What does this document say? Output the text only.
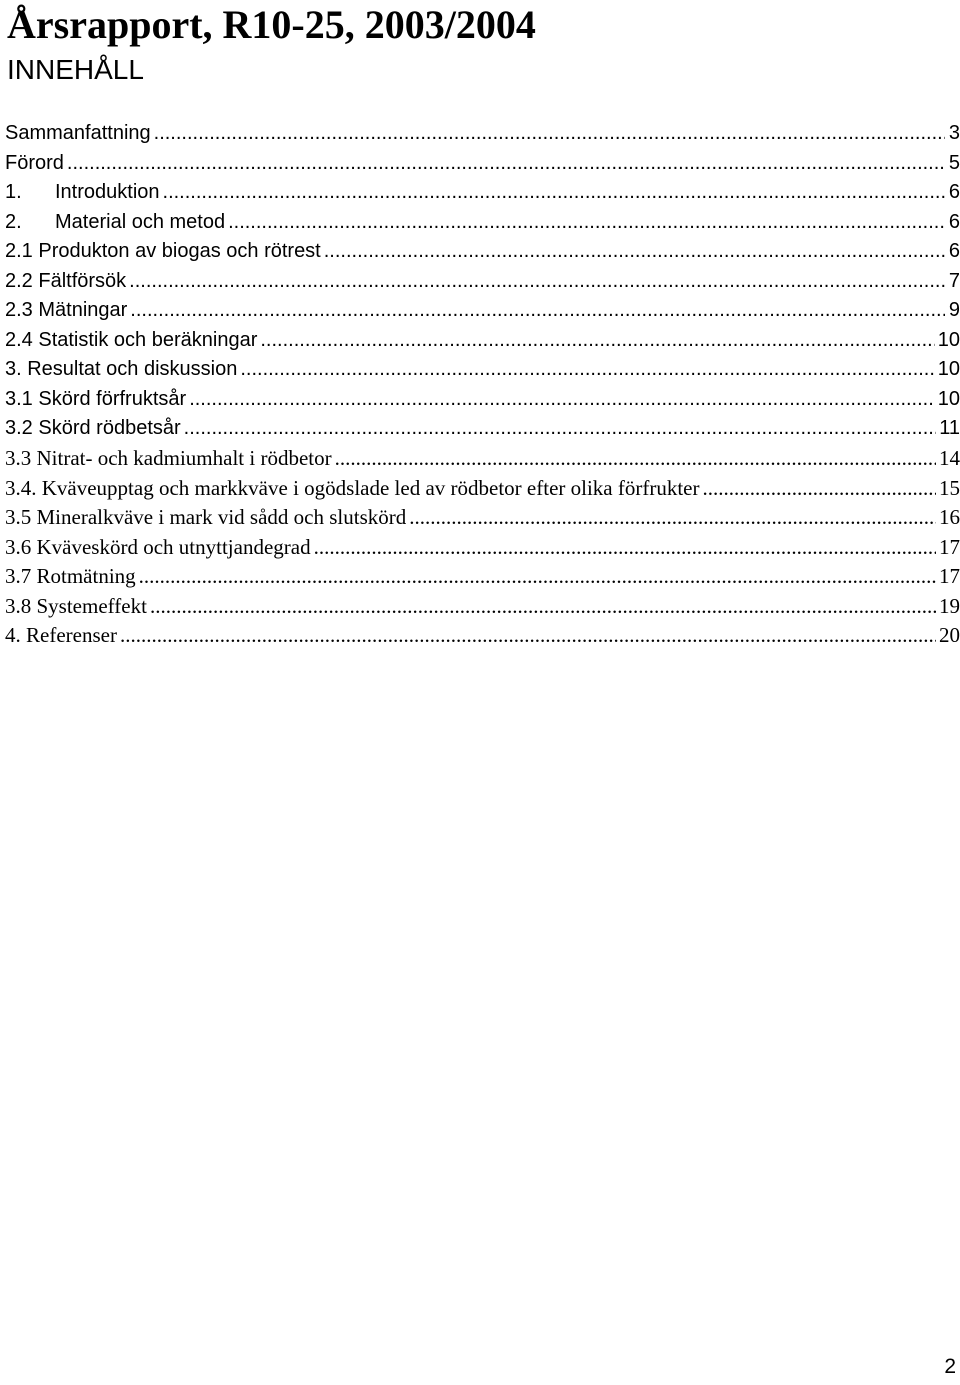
Årsrapport, R10-25, 2003/2004
INNEHÅLL
Sammanfattning .....	3
Förord .....	5
1. Introduktion .....	6
2. Material och metod .....	6
2.1 Produkton av biogas och rötrest .....	6
2.2 Fältförsök .....	7
2.3 Mätningar .....	9
2.4 Statistik och beräkningar .....	10
3. Resultat och diskussion .....	10
3.1 Skörd förfruktsår .....	10
3.2 Skörd rödbetsår .....	11
3.3 Nitrat- och kadmiumhalt i rödbetor .....	14
3.4. Kväveupptag och markkväve i ogödslade led av rödbetor efter olika förfrukter .....	15
3.5 Mineralkväve i mark vid sådd och slutskörd .....	16
3.6 Kväveskörd och utnyttjandegrad .....	17
3.7 Rotmätning .....	17
3.8 Systemeffekt .....	19
4. Referenser .....	20
2
